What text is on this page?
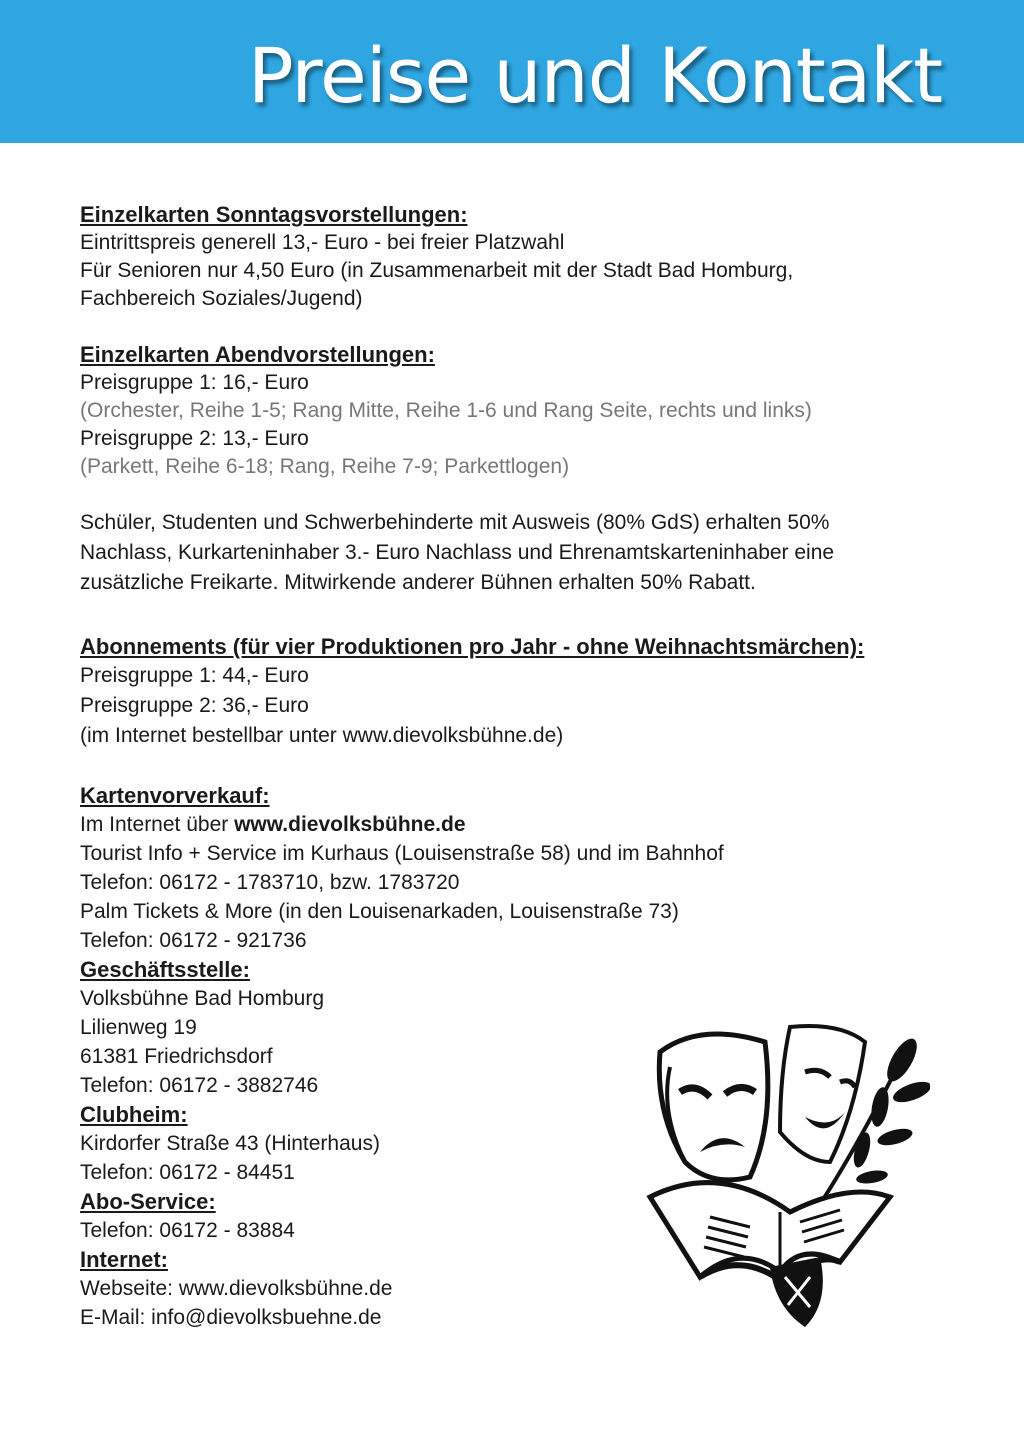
Preise und Kontakt

Einzelkarten Sonntagsvorstellungen:

Eintrittspreis generell 13,- Euro - bei freier Platzwahl

Für Senioren nur 4,50 Euro (in Zusammenarbeit mit der Stadt Bad Homburg,

Fachbereich Soziales/Jugend)

Einzelkarten Abendvorstellungen:

Preisgruppe 1: 16,- Euro

(Orchester, Reihe 1-5; Rang Mitte, Reihe 1-6 und Rang Seite, rechts und links)

Preisgruppe 2: 13,- Euro

(Parkett, Reihe 6-18; Rang, Reihe 7-9; Parkettlogen)

Schüler, Studenten und Schwerbehinderte mit Ausweis (80% GdS) erhalten 50%

Nachlass, Kurkarteninhaber 3.- Euro Nachlass und Ehrenamtskarteninhaber eine

zusätzliche Freikarte. Mitwirkende anderer Bühnen erhalten 50% Rabatt.

Abonnements (für vier Produktionen pro Jahr - ohne Weihnachtsmärchen):

Preisgruppe 1: 44,- Euro

Preisgruppe 2: 36,- Euro

(im Internet bestellbar unter www.dievolksbühne.de)

Kartenvorverkauf:

Im Internet über www.dievolksbühne.de

Tourist Info + Service im Kurhaus (Louisenstraße 58) und im Bahnhof

Telefon: 06172 - 1783710, bzw. 1783720

Palm Tickets & More (in den Louisenarkaden, Louisenstraße 73)

Telefon: 06172 - 921736

Geschäftsstelle:

Volksbühne Bad Homburg

Lilienweg 19

61381 Friedrichsdorf

Telefon: 06172 - 3882746

Clubheim:

Kirdorfer Straße 43 (Hinterhaus)

Telefon: 06172 - 84451

Abo-Service:

Telefon: 06172 - 83884

Internet:

Webseite: www.dievolksbühne.de

E-Mail: info@dievolksbuehne.de
